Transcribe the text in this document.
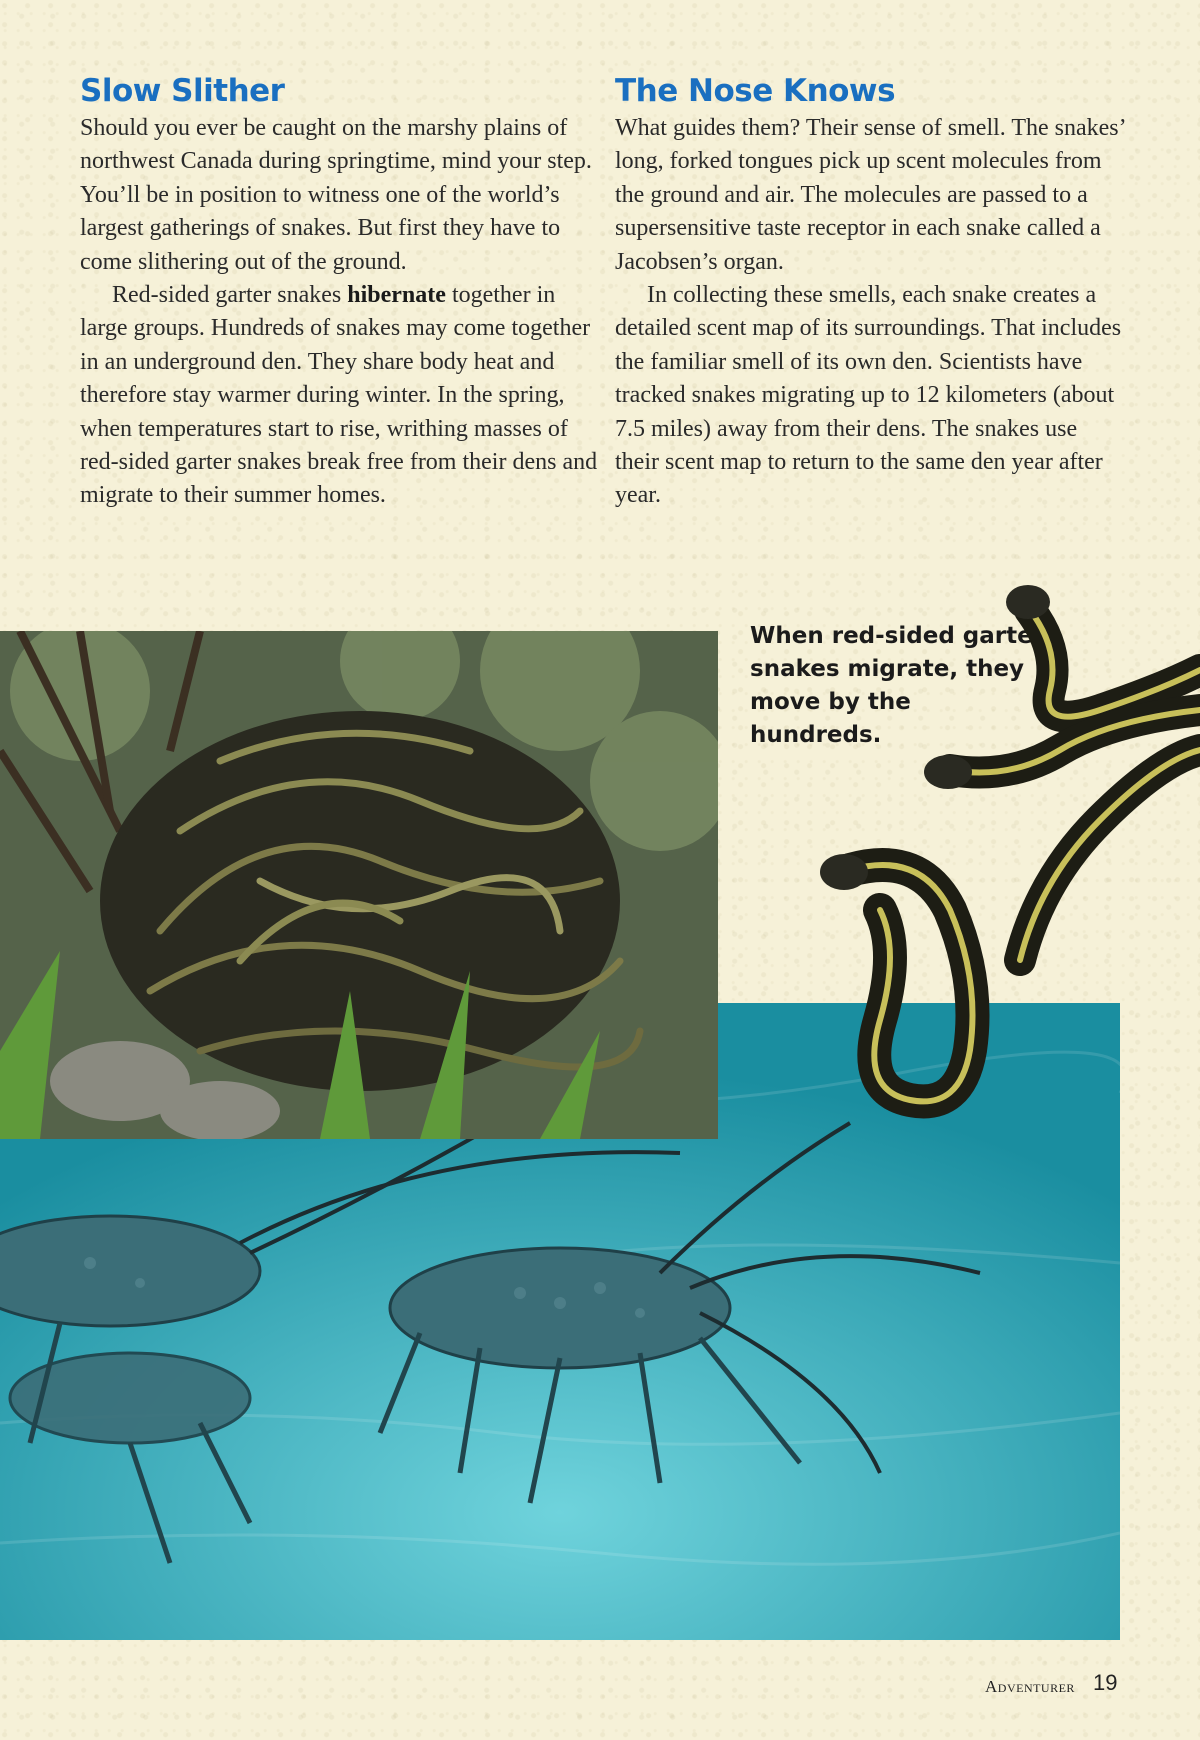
Slow Slither

Should you ever be caught on the marshy plains of northwest Canada during springtime, mind your step. You’ll be in position to witness one of the world’s largest gatherings of snakes. But first they have to come slithering out of the ground.

Red-sided garter snakes hibernate together in large groups. Hundreds of snakes may come together in an underground den. They share body heat and therefore stay warmer during winter. In the spring, when temperatures start to rise, writhing masses of red-sided garter snakes break free from their dens and migrate to their summer homes.

The Nose Knows

What guides them? Their sense of smell. The snakes’ long, forked tongues pick up scent molecules from the ground and air. The molecules are passed to a supersensitive taste receptor in each snake called a Jacobsen’s organ.

In collecting these smells, each snake creates a detailed scent map of its surroundings. That includes the familiar smell of its own den. Scientists have tracked snakes migrating up to 12 kilometers (about 7.5 miles) away from their dens. The snakes use their scent map to return to the same den year after year.

When red-sided garter snakes migrate, they move by the hundreds.
Adventurer 19
